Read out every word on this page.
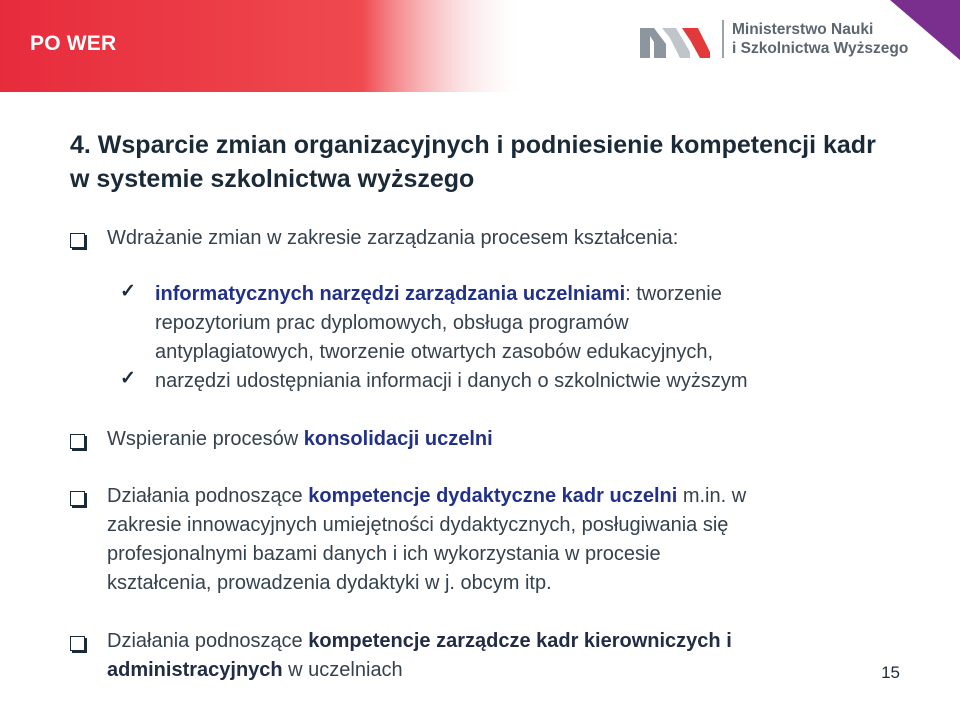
PO WER
Ministerstwo Nauki
i Szkolnictwa Wyższego
4. Wsparcie zmian organizacyjnych i podniesienie kompetencji kadr w systemie szkolnictwa wyższego
Wdrażanie zmian w zakresie zarządzania procesem kształcenia:
✓ informatycznych narzędzi zarządzania uczelniami: tworzenie
repozytorium prac dyplomowych, obsługa programów
antyplagiatowych, tworzenie otwartych zasobów edukacyjnych,
✓ narzędzi udostępniania informacji i danych o szkolnictwie wyższym
Wspieranie procesów konsolidacji uczelni
Działania podnoszące kompetencje dydaktyczne kadr uczelni m.in. w
zakresie innowacyjnych umiejętności dydaktycznych, posługiwania się
profesjonalnymi bazami danych i ich wykorzystania w procesie
kształcenia, prowadzenia dydaktyki w j. obcym itp.
Działania podnoszące kompetencje zarządcze kadr kierowniczych i
administracyjnych w uczelniach	15
